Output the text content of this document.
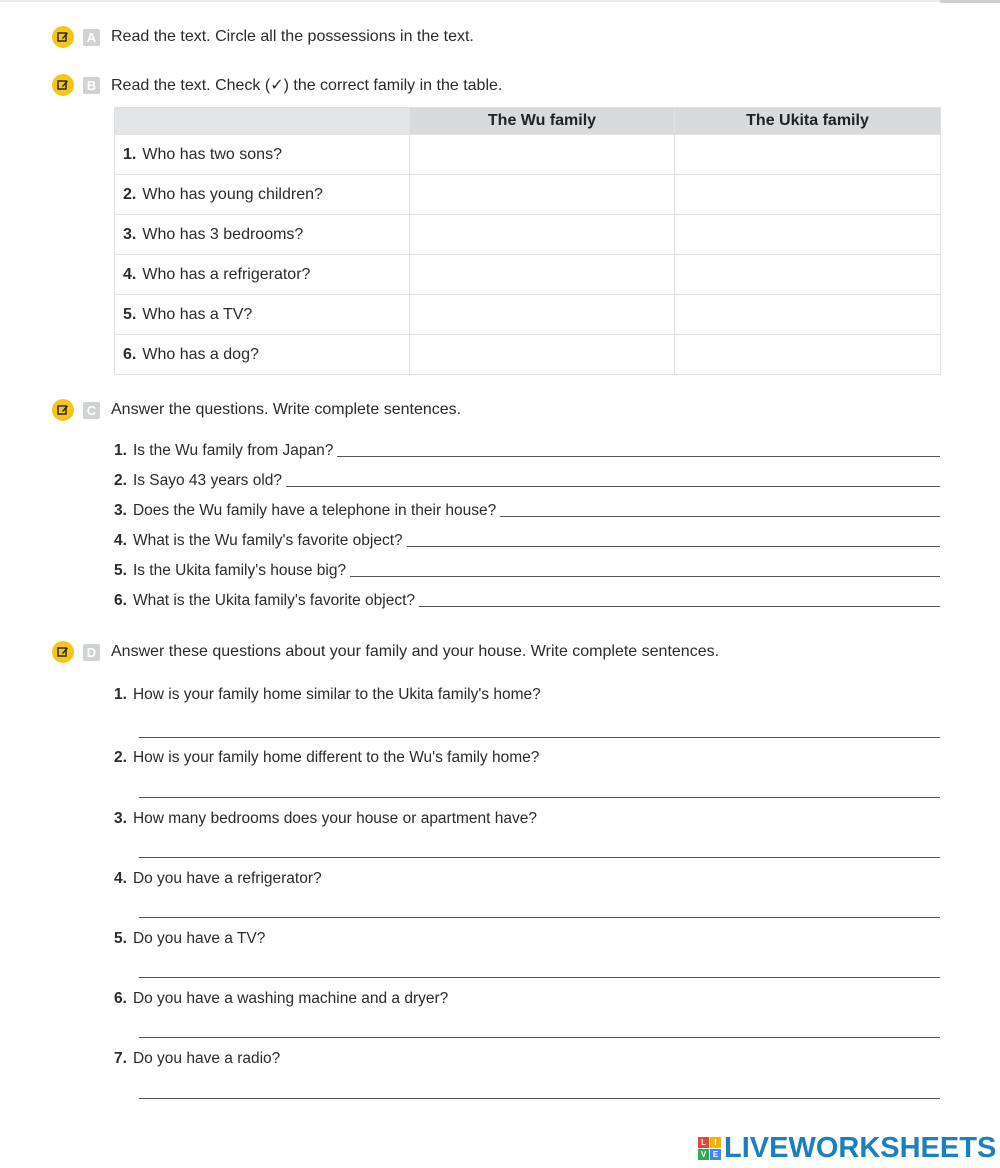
A Read the text. Circle all the possessions in the text.
B Read the text. Check (✓) the correct family in the table.
	The Wu family	The Ukita family
1. Who has two sons?		
2. Who has young children?		
3. Who has 3 bedrooms?		
4. Who has a refrigerator?		
5. Who has a TV?		
6. Who has a dog?		
C Answer the questions. Write complete sentences.
1. Is the Wu family from Japan?
2. Is Sayo 43 years old?
3. Does the Wu family have a telephone in their house?
4. What is the Wu family's favorite object?
5. Is the Ukita family's house big?
6. What is the Ukita family's favorite object?
D Answer these questions about your family and your house. Write complete sentences.
1. How is your family home similar to the Ukita family's home?
2. How is your family home different to the Wu's family home?
3. How many bedrooms does your house or apartment have?
4. Do you have a refrigerator?
5. Do you have a TV?
6. Do you have a washing machine and a dryer?
7. Do you have a radio?
L	I
V E LIVEWORKSHEETS
